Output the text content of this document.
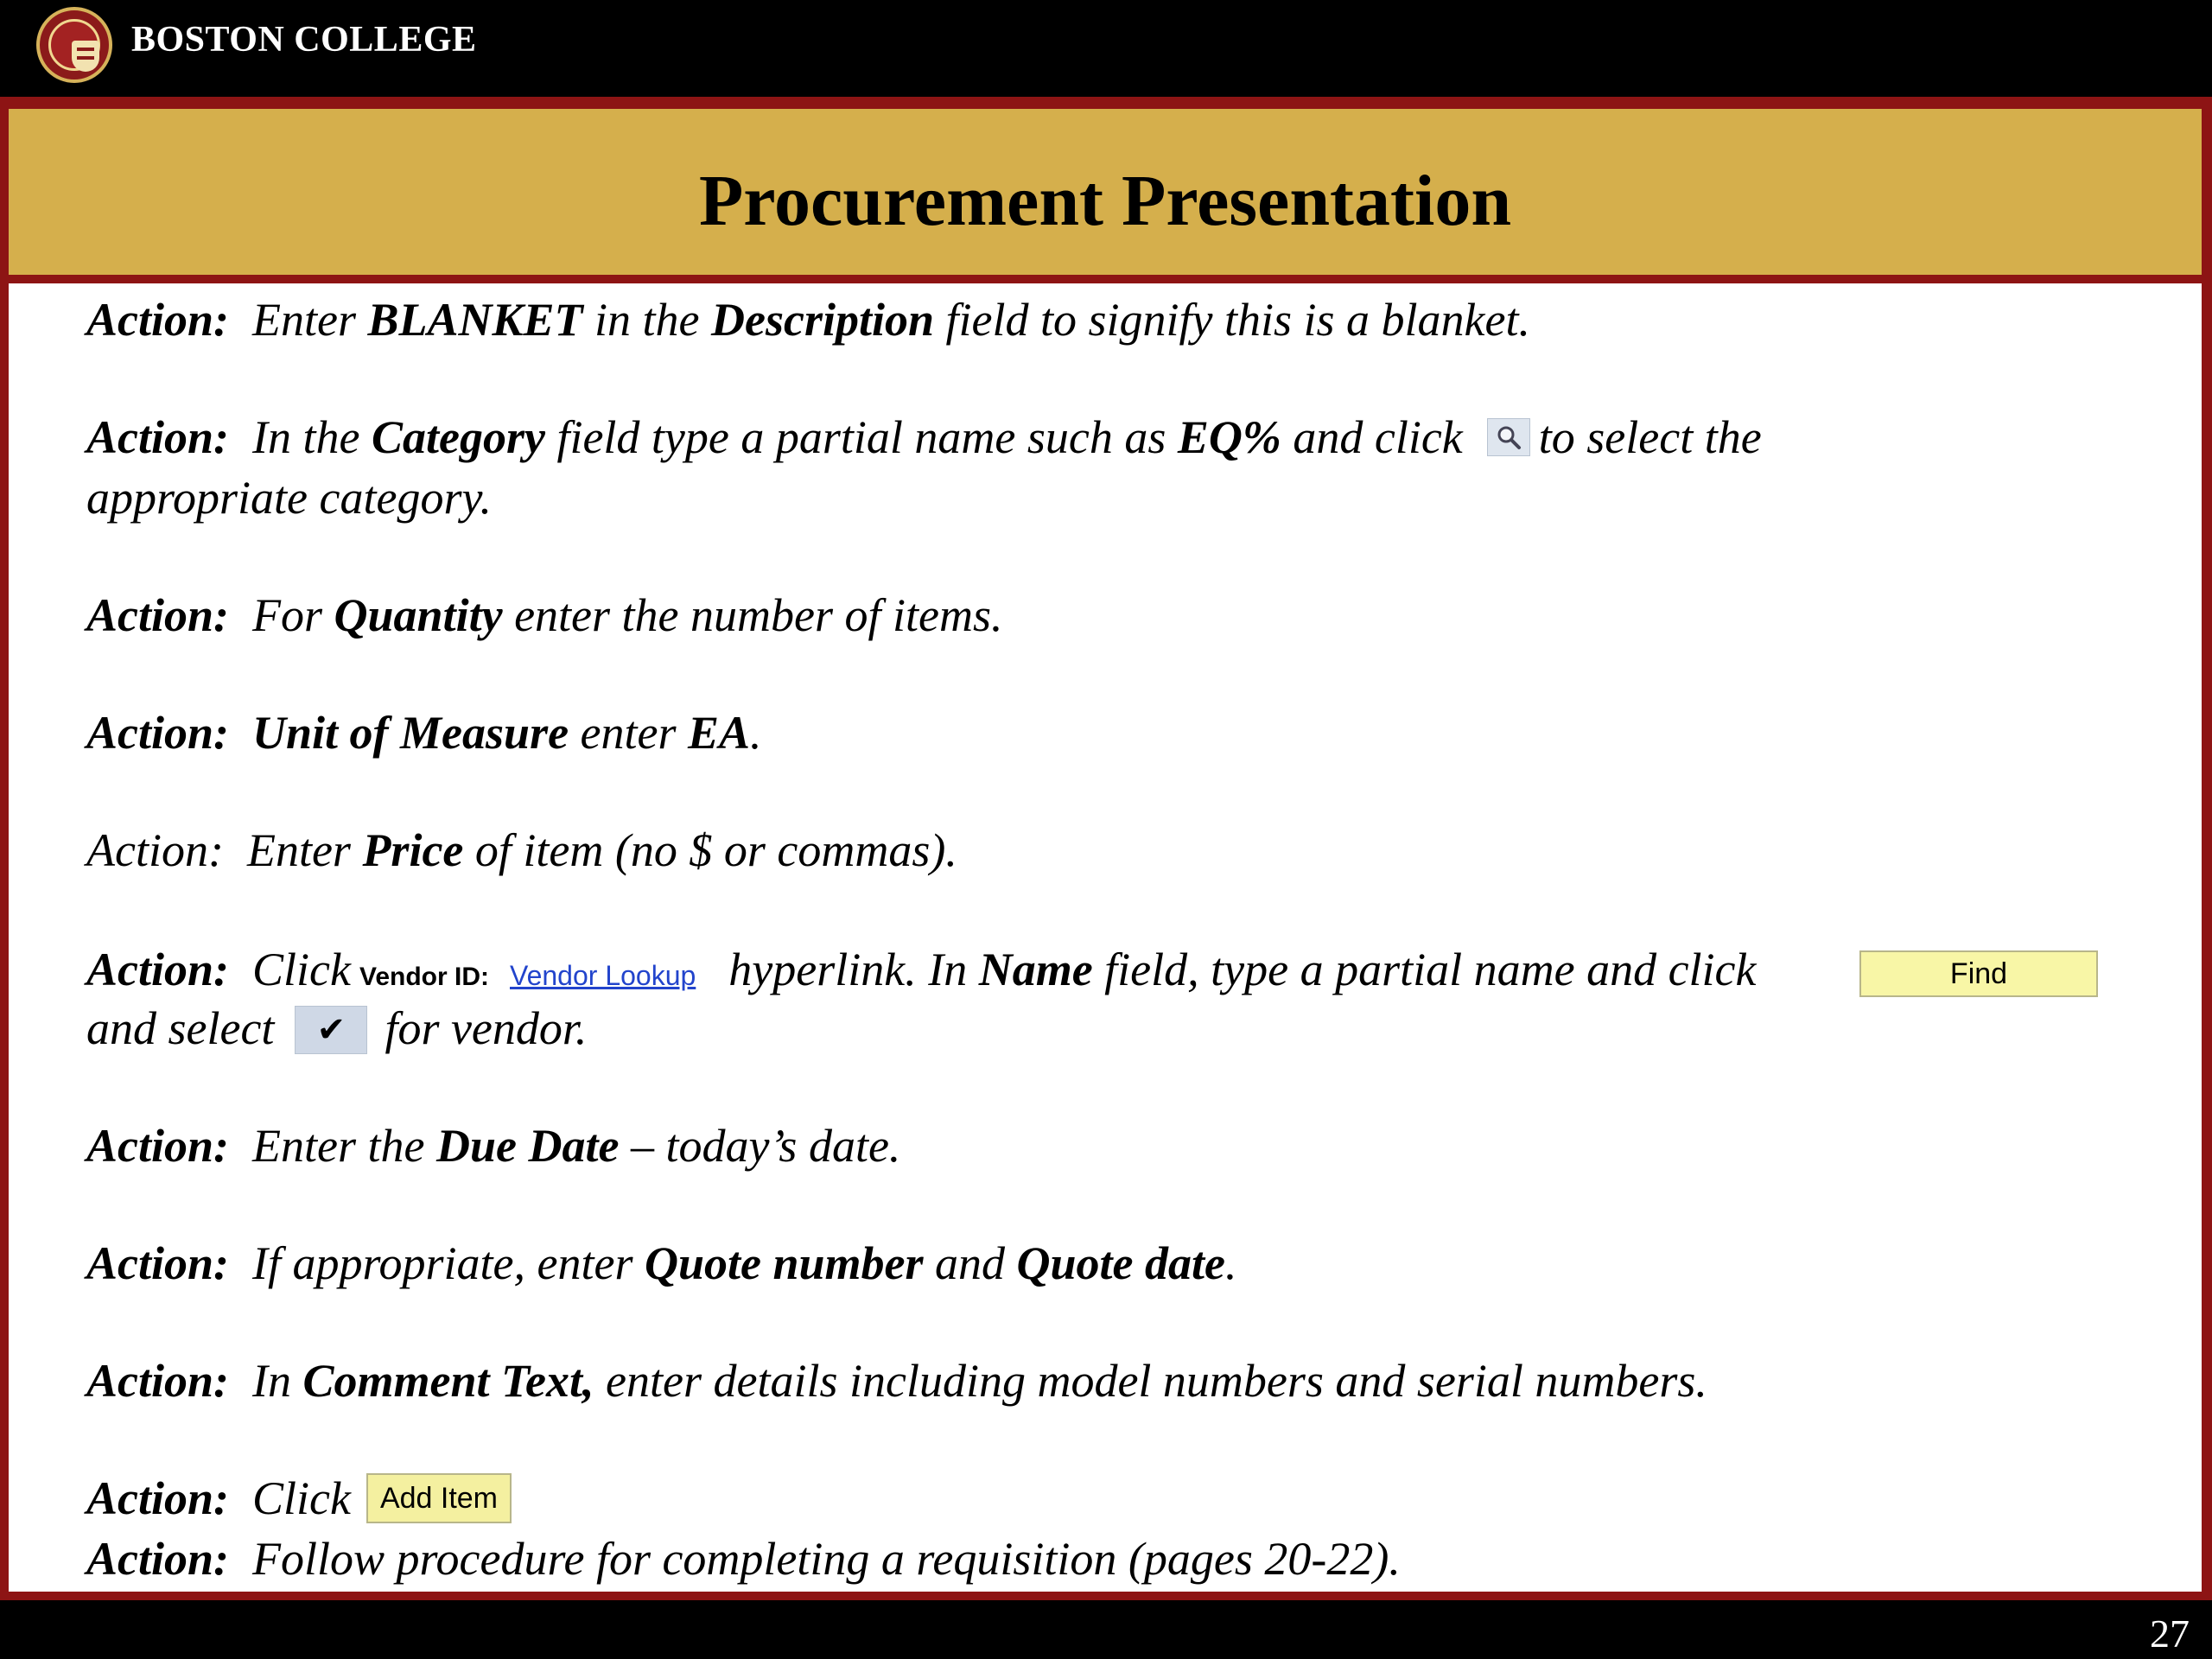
BOSTON COLLEGE
Procurement Presentation
Action: Enter BLANKET in the Description field to signify this is a blanket.
Action: In the Category field type a partial name such as EQ% and click to select the
appropriate category.
Action: For Quantity enter the number of items.
Action: Unit of Measure enter EA.
Action: Enter Price of item (no $ or commas).
Action: Click Vendor ID: Vendor Lookup hyperlink. In Name field, type a partial name and click	Find
and select ✔ for vendor.
Action: Enter the Due Date – today’s date.
Action: If appropriate, enter Quote number and Quote date.
Action: In Comment Text, enter details including model numbers and serial numbers.
Action: Click Add Item
Action: Follow procedure for completing a requisition (pages 20-22).
27
